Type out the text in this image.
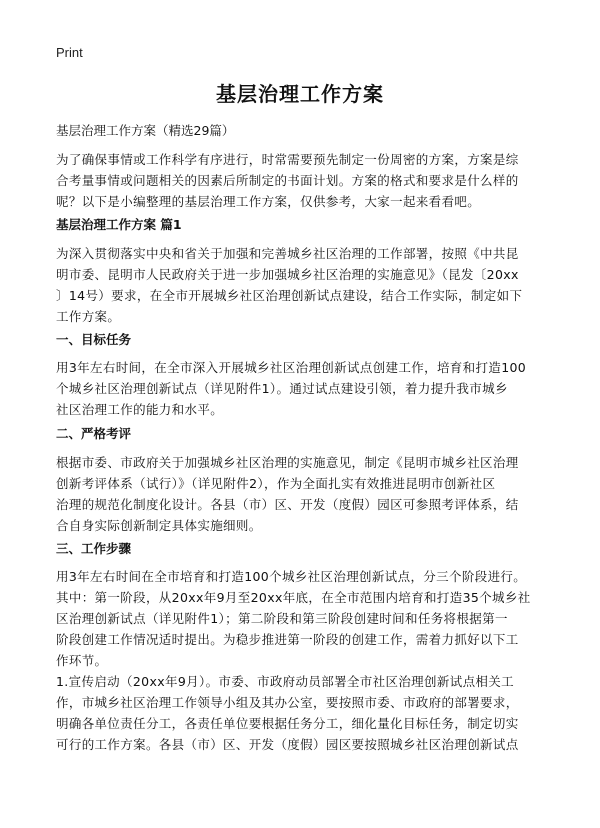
Print
基层治理工作方案
基层治理工作方案（精选29篇）
为了确保事情或工作科学有序进行，时常需要预先制定一份周密的方案，方案是综
合考量事情或问题相关的因素后所制定的书面计划。方案的格式和要求是什么样的
呢？以下是小编整理的基层治理工作方案，仅供参考，大家一起来看看吧。
基层治理工作方案 篇1
为深入贯彻落实中央和省关于加强和完善城乡社区治理的工作部署，按照《中共昆
明市委、昆明市人民政府关于进一步加强城乡社区治理的实施意见》（昆发〔20xx
〕14号）要求，在全市开展城乡社区治理创新试点建设，结合工作实际，制定如下
工作方案。
一、目标任务
用3年左右时间，在全市深入开展城乡社区治理创新试点创建工作，培育和打造100
个城乡社区治理创新试点（详见附件1）。通过试点建设引领，着力提升我市城乡
社区治理工作的能力和水平。
二、严格考评
根据市委、市政府关于加强城乡社区治理的实施意见，制定《昆明市城乡社区治理
创新考评体系（试行）》（详见附件2），作为全面扎实有效推进昆明市创新社区
治理的规范化制度化设计。各县（市）区、开发（度假）园区可参照考评体系，结
合自身实际创新制定具体实施细则。
三、工作步骤
用3年左右时间在全市培育和打造100个城乡社区治理创新试点，分三个阶段进行。
其中：第一阶段，从20xx年9月至20xx年底，在全市范围内培育和打造35个城乡社
区治理创新试点（详见附件1）；第二阶段和第三阶段创建时间和任务将根据第一
阶段创建工作情况适时提出。为稳步推进第一阶段的创建工作，需着力抓好以下工
作环节。
1.宣传启动（20xx年9月）。市委、市政府动员部署全市社区治理创新试点相关工
作，市城乡社区治理工作领导小组及其办公室，要按照市委、市政府的部署要求，
明确各单位责任分工，各责任单位要根据任务分工，细化量化目标任务，制定切实
可行的工作方案。各县（市）区、开发（度假）园区要按照城乡社区治理创新试点
